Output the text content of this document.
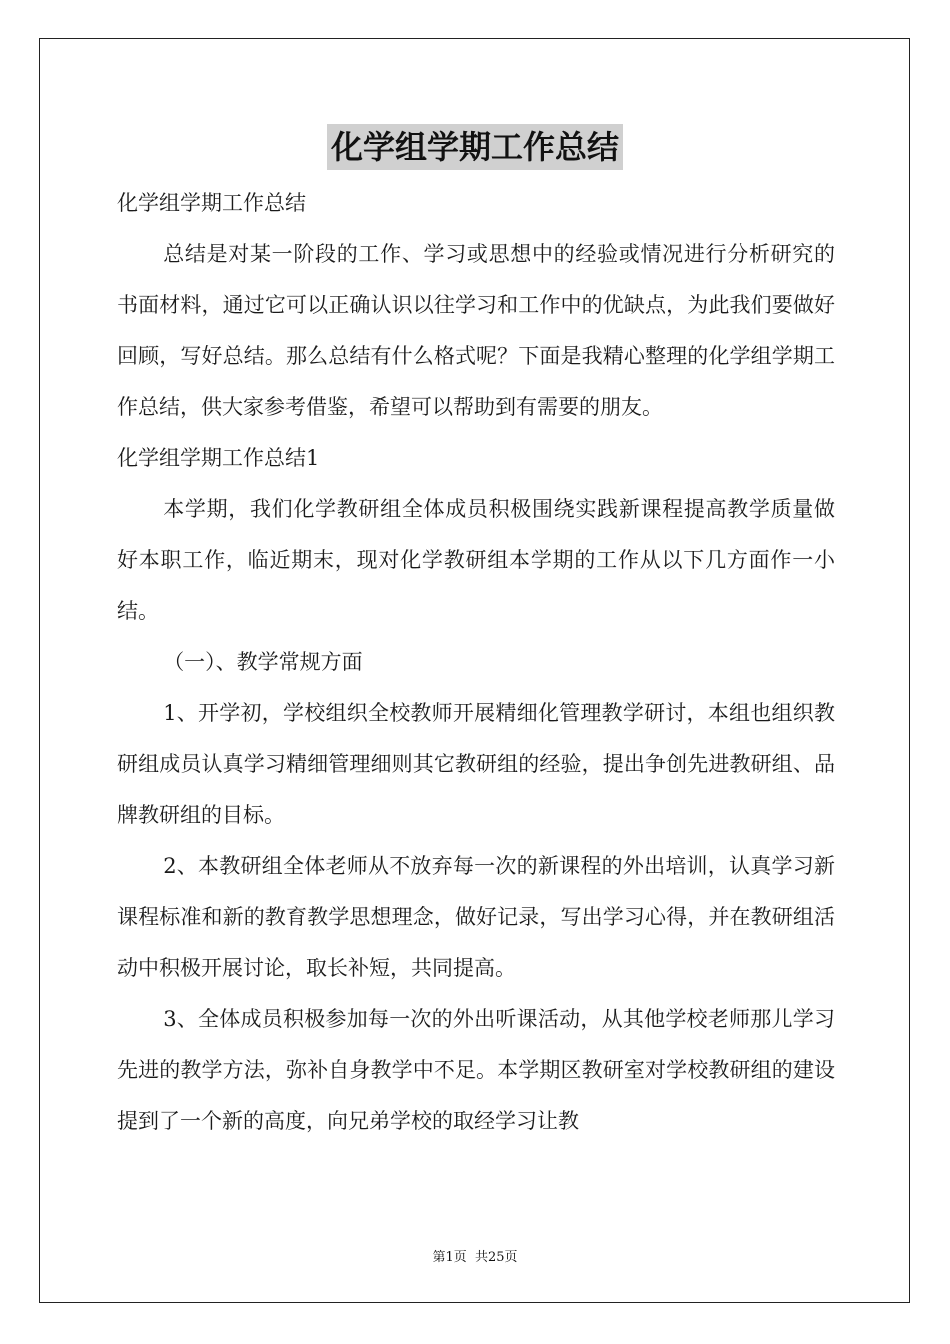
化学组学期工作总结

化学组学期工作总结

总结是对某一阶段的工作、学习或思想中的经验或情况进行分析研究的书面材料，通过它可以正确认识以往学习和工作中的优缺点，为此我们要做好回顾，写好总结。那么总结有什么格式呢？下面是我精心整理的化学组学期工作总结，供大家参考借鉴，希望可以帮助到有需要的朋友。

化学组学期工作总结1

本学期，我们化学教研组全体成员积极围绕实践新课程提高教学质量做好本职工作，临近期末，现对化学教研组本学期的工作从以下几方面作一小结。

（一）、教学常规方面

1、开学初，学校组织全校教师开展精细化管理教学研讨，本组也组织教研组成员认真学习精细管理细则其它教研组的经验，提出争创先进教研组、品牌教研组的目标。

2、本教研组全体老师从不放弃每一次的新课程的外出培训，认真学习新课程标准和新的教育教学思想理念，做好记录，写出学习心得，并在教研组活动中积极开展讨论，取长补短，共同提高。

3、全体成员积极参加每一次的外出听课活动，从其他学校老师那儿学习先进的教学方法，弥补自身教学中不足。本学期区教研室对学校教研组的建设提到了一个新的高度，向兄弟学校的取经学习让教

第1页 共25页
